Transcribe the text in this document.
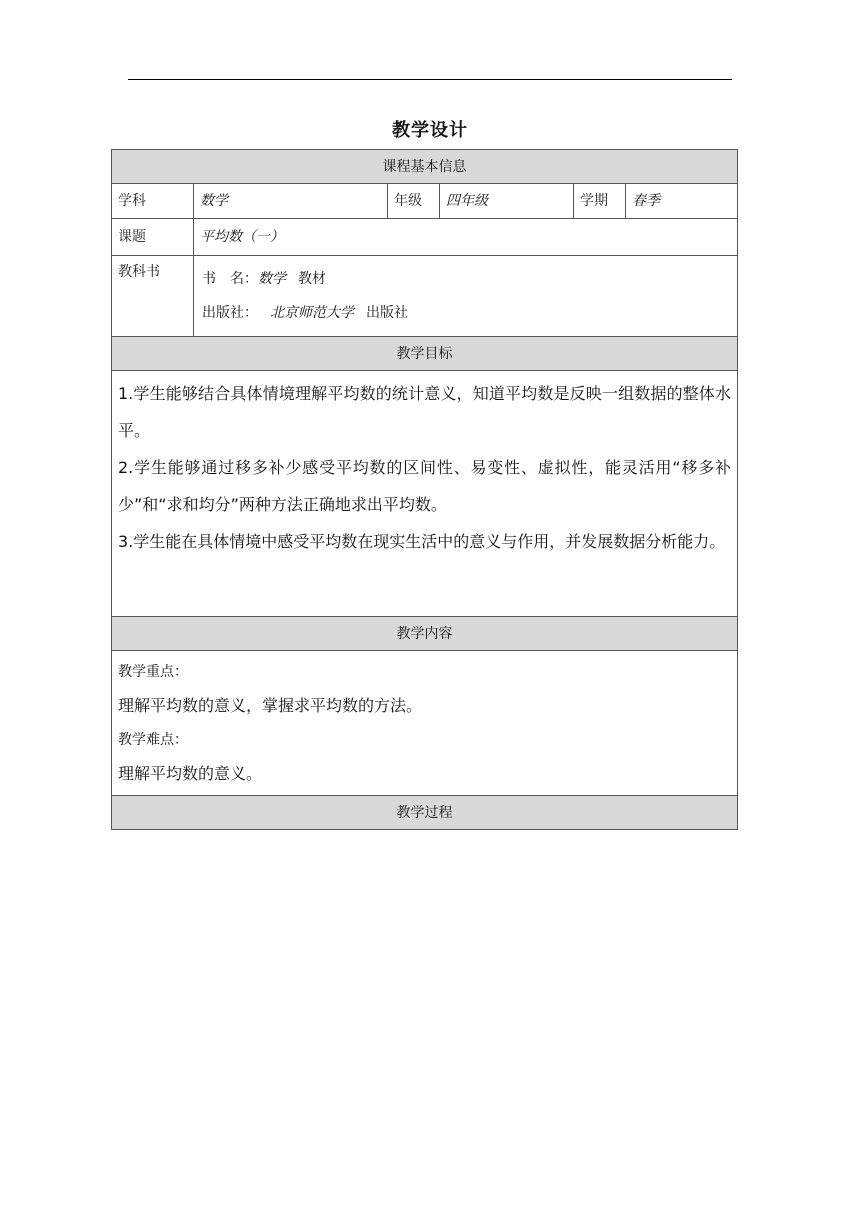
教学设计
课程基本信息					
学科	数学	年级	四年级	学期	春季
课题	平均数（一）				
教科书	书　名：数学 教材
出版社： 北京师范大学 出版社				

教学目标					

1.学生能够结合具体情境理解平均数的统计意义，知道平均数是反映一组数据的整体水平。
2.学生能够通过移多补少感受平均数的区间性、易变性、虚拟性，能灵活用“移多补少”和“求和均分”两种方法正确地求出平均数。
3.学生能在具体情境中感受平均数在现实生活中的意义与作用，并发展数据分析能力。					

教学内容					

教学重点：
理解平均数的意义，掌握求平均数的方法。
教学难点：
理解平均数的意义。					

教学过程					
